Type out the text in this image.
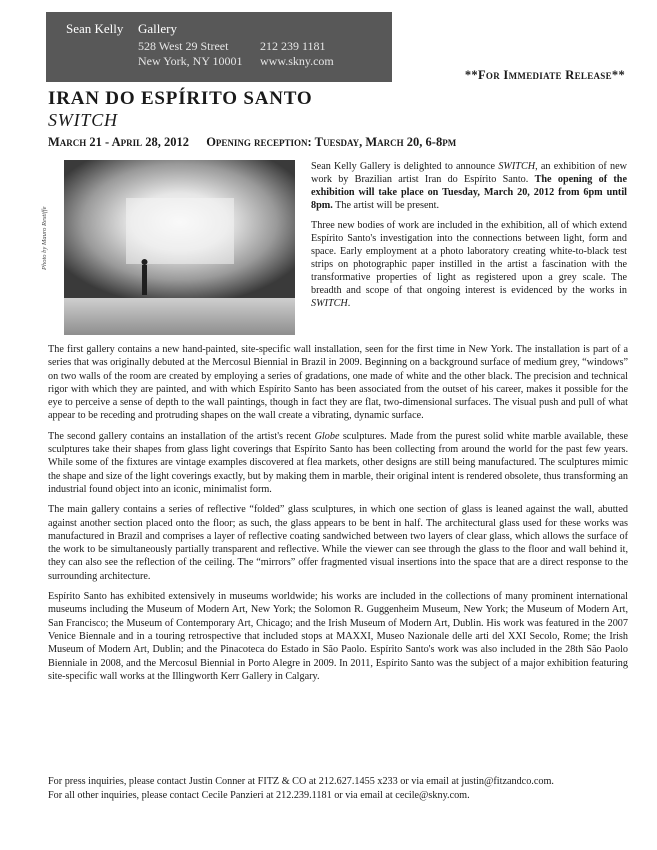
Sean Kelly Gallery
528 West 29 Street
New York, NY 10001
212 239 1181
www.skny.com
**For Immediate Release**
IRAN DO ESPÍRITO SANTO
SWITCH
March 21 - April 28, 2012 Opening reception: Tuesday, March 20, 6-8pm
Photo by Mauro Restiffe

Sean Kelly Gallery is delighted to announce SWITCH, an exhibition of new work by Brazilian artist Iran do Espírito Santo. The opening of the exhibition will take place on Tuesday, March 20, 2012 from 6pm until 8pm. The artist will be present.

Three new bodies of work are included in the exhibition, all of which extend Espírito Santo's investigation into the connections between light, form and space. Early employment at a photo laboratory creating white-to-black test strips on photographic paper instilled in the artist a fascination with the transformative properties of light as registered upon a grey scale. The breadth and scope of that ongoing interest is evidenced by the works in SWITCH.

The first gallery contains a new hand-painted, site-specific wall installation, seen for the first time in New York. The installation is part of a series that was originally debuted at the Mercosul Biennial in Brazil in 2009. Beginning on a background surface of medium grey, “windows” on two walls of the room are created by employing a series of gradations, one made of white and the other black. The precision and technical rigor with which they are painted, and with which Espírito Santo has been associated from the outset of his career, makes it possible for the eye to perceive a sense of depth to the wall paintings, though in fact they are flat, two-dimensional surfaces. The visual push and pull of what appear to be receding and protruding shapes on the wall create a vibrating, dynamic surface.

The second gallery contains an installation of the artist's recent Globe sculptures. Made from the purest solid white marble available, these sculptures take their shapes from glass light coverings that Espírito Santo has been collecting from around the world for the past few years. While some of the fixtures are vintage examples discovered at flea markets, other designs are still being manufactured. The sculptures mimic the shape and size of the light coverings exactly, but by making them in marble, their original intent is rendered obsolete, thus transforming an industrial found object into an iconic, minimalist form.

The main gallery contains a series of reflective “folded” glass sculptures, in which one section of glass is leaned against the wall, abutted against another section placed onto the floor; as such, the glass appears to be bent in half. The architectural glass used for these works was manufactured in Brazil and comprises a layer of reflective coating sandwiched between two layers of clear glass, which allows the surface of the work to be simultaneously partially transparent and reflective. While the viewer can see through the glass to the floor and wall behind it, they can also see the reflection of the ceiling. The “mirrors” offer fragmented visual insertions into the space that are a direct response to the surrounding architecture.

Espírito Santo has exhibited extensively in museums worldwide; his works are included in the collections of many prominent international museums including the Museum of Modern Art, New York; the Solomon R. Guggenheim Museum, New York; the Museum of Modern Art, San Francisco; the Museum of Contemporary Art, Chicago; and the Irish Museum of Modern Art, Dublin. His work was featured in the 2007 Venice Biennale and in a touring retrospective that included stops at MAXXI, Museo Nazionale delle arti del XXI Secolo, Rome; the Irish Museum of Modern Art, Dublin; and the Pinacoteca do Estado in São Paolo. Espírito Santo's work was also included in the 28th São Paolo Bienniale in 2008, and the Mercosul Biennial in Porto Alegre in 2009. In 2011, Espírito Santo was the subject of a major exhibition featuring site-specific wall works at the Illingworth Kerr Gallery in Calgary.

For press inquiries, please contact Justin Conner at FITZ & CO at 212.627.1455 x233 or via email at justin@fitzandco.com.

For all other inquiries, please contact Cecile Panzieri at 212.239.1181 or via email at cecile@skny.com.
